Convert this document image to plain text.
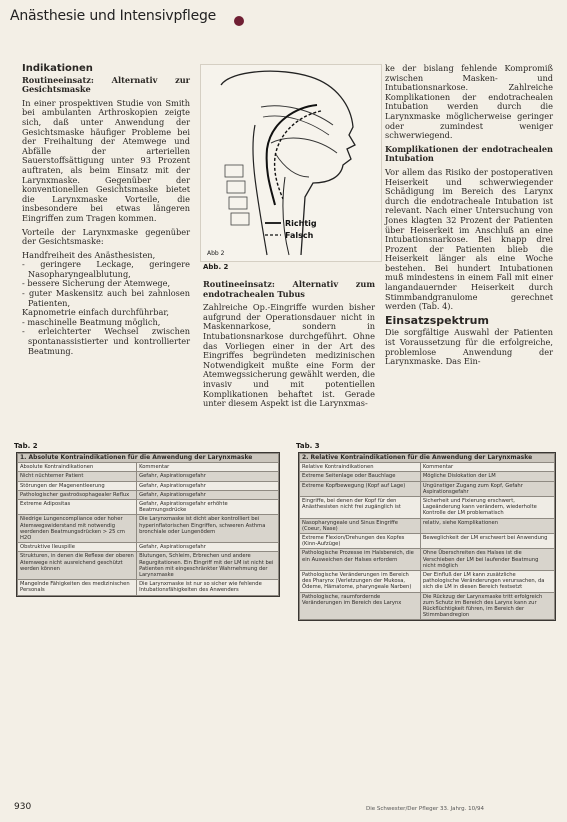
Anästhesie und Intensivpflege
Indikationen
Routineeinsatz: Alternativ zur Gesichtsmaske

In einer prospektiven Studie von Smith bei ambulanten Arthroskopien zeigte sich, daß unter Anwendung der Gesichtsmaske häufiger Probleme bei der Freihaltung der Atemwege und Abfälle der arteriellen Sauerstoffsättigung unter 93 Prozent auftraten, als beim Einsatz mit der Larynxmaske. Gegenüber der konventionellen Gesichtsmaske bietet die Larynxmaske Vorteile, die insbesondere bei etwas längeren Eingriffen zum Tragen kommen.

Vorteile der Larynxmaske gegenüber der Gesichtsmaske:

Handfreiheit des Anästhesisten,
- geringere Leckage, geringere Nasopharyngealblutung,
- bessere Sicherung der Atemwege,
- guter Maskensitz auch bei zahnlosen Patienten,
Kapnometrie einfach durchführbar,
- maschinelle Beatmung möglich,
- erleichterter Wechsel zwischen spontanassistierter und kontrollierter Beatmung.
Richtig
Falsch
Abb 2
Abb. 2
Routineeinsatz: Alternativ zum endotrachealen Tubus

Zahlreiche Op.-Eingriffe wurden bisher aufgrund der Operationsdauer nicht in Maskennarkose, sondern in Intubationsnarkose durchgeführt. Ohne das Vorliegen einer in der Art des Eingriffes begründeten medizinischen Notwendigkeit mußte eine Form der Atemwegssicherung gewählt werden, die invasiv und mit potentiellen Komplikationen behaftet ist. Gerade unter diesem Aspekt ist die Larynxmas-

ke der bislang fehlende Kompromiß zwischen Masken- und Intubationsnarkose. Zahlreiche Komplikationen der endotrachealen Intubation werden durch die Larynxmaske möglicherweise geringer oder zumindest weniger schwerwiegend.

Komplikationen der endotrachealen Intubation

Vor allem das Risiko der postoperativen Heiserkeit und schwerwiegender Schädigung im Bereich des Larynx durch die endotracheale Intubation ist relevant. Nach einer Untersuchung von Jones klagten 32 Prozent der Patienten über Heiserkeit im Anschluß an eine Intubationsnarkose. Bei knapp drei Prozent der Patienten blieb die Heiserkeit länger als eine Woche bestehen. Bei hundert Intubationen muß mindestens in einem Fall mit einer langandauernder Heiserkeit durch Stimmbandgranulome gerechnet werden (Tab. 4).

Einsatzspektrum

Die sorgfältige Auswahl der Patienten ist Voraussetzung für die erfolgreiche, problemlose Anwendung der Larynxmaske. Das Ein-

Tab. 2
1. Absolute Kontraindikationen für die Anwendung der Larynxmaske	
Absolute Kontraindikationen	Kommentar
Nicht nüchterner Patient	Gefahr, Aspirationsgefahr
Störungen der Magenentleerung	Gefahr, Aspirationsgefahr
Pathologischer gastroösophagealer Reflux	Gefahr, Aspirationsgefahr
Extreme Adipositas	Gefahr, Aspirationsgefahr erhöhte Beatmungsdrücke
Niedrige Lungencompliance oder hoher Atemwegswiderstand mit notwendig werdenden Beatmungsdrücken > 25 cm H2O	Die Larynxmaske ist dicht aber kontrolliert bei hyperinflatorischen Eingriffen, schweren Asthma bronchiale oder Lungenödem
Obstruktive Ileuspille	Gefahr, Aspirationsgefahr
Strukturen, in denen die Reflexe der oberen Atemwege nicht ausreichend geschützt werden können	Blutungen, Schleim, Erbrechen und andere Regurgitationen. Ein Eingriff mit der LM ist nicht bei Patienten mit eingeschränkter Wahrnehmung der Larynxmaske
Mangelnde Fähigkeiten des medizinischen Personals	Die Larynxmaske ist nur so sicher wie fehlende Intubationsfähigkeiten des Anwenders
Tab. 3
2. Relative Kontraindikationen für die Anwendung der Larynxmaske	
Relative Kontraindikationen	Kommentar
Extreme Seitenlage oder Bauchlage	Mögliche Dislokation der LM
Extreme Kopfbewegung (Kopf auf Lage)	Ungünstiger Zugang zum Kopf, Gefahr Aspirationsgefahr
Eingriffe, bei denen der Kopf für den Anästhesisten nicht frei zugänglich ist	Sicherheit und Fixierung erschwert, Lageänderung kann verändern, wiederholte Kontrolle der LM problematisch
Nasopharyngeale und Sinus Eingriffe (Coeur, Nase)	relativ, siehe Komplikationen
Extreme Flexion/Drehungen des Kopfes (Kinn-Aufzüge)	Beweglichkeit der LM erschwert bei Anwendung
Pathologische Prozesse im Halsbereich, die ein Ausweichen der Halses erfordern	Ohne Überschreiten des Halses ist die Verschieben der LM bei laufender Beatmung nicht möglich
Pathologische Veränderungen im Bereich des Pharynx (Verletzungen der Mukosa, Ödeme, Hämatome, pharyngeale Narben)	Der Einfluß der LM kann zusätzliche pathologische Veränderungen verursachen, da sich die LM in diesen Bereich festsetzt
Pathologische, raumfordernde Veränderungen im Bereich des Larynx	Die Rückzug der Larynxmaske tritt erfolgreich zum Schutz im Bereich des Larynx kann zur Rückflüchtigkeit führen, im Bereich der Stimmbandregion
930	Die Schwester/Der Pfleger 33. Jahrg. 10/94
